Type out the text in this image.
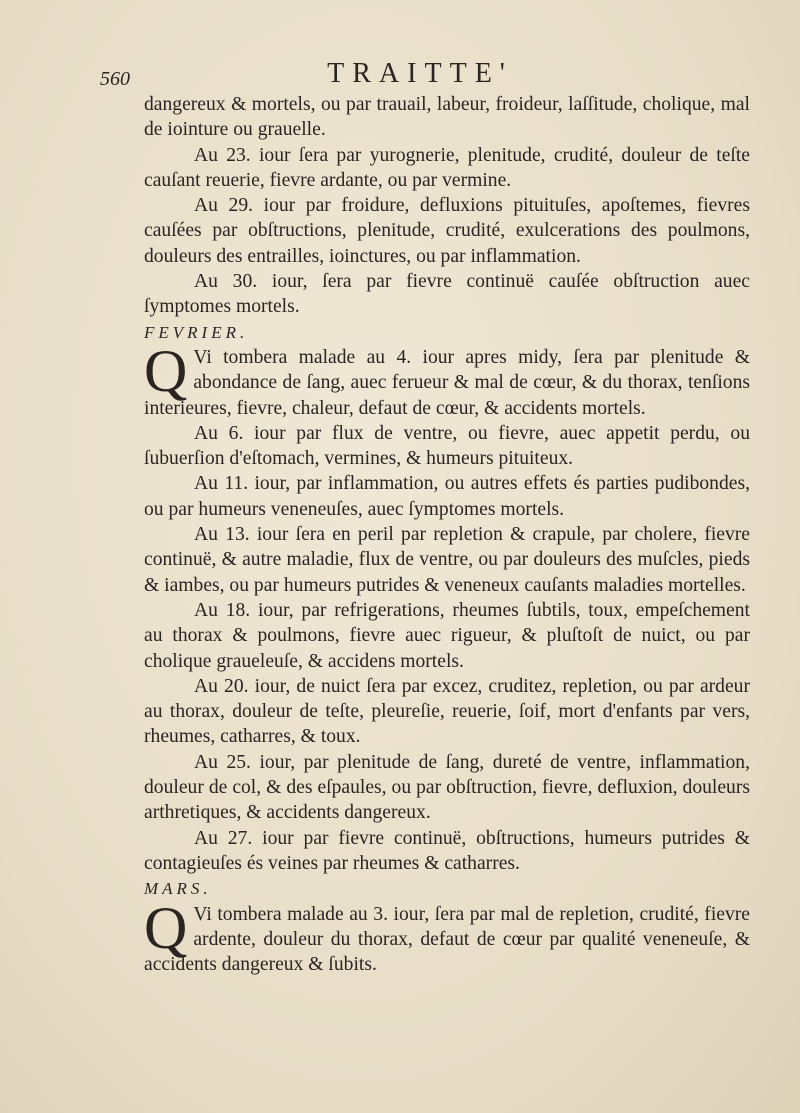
560	TRAITTE'

dangereux & mortels, ou par trauail, labeur, froideur, laſſitude, cholique, mal de iointure ou grauelle.

Au 23. iour ſera par yurognerie, plenitude, crudité, douleur de teſte cauſant reuerie, fievre ardante, ou par vermine.

Au 29. iour par froidure, defluxions pituituſes, apoſtemes, fievres cauſées par obſtructions, plenitude, crudité, exulcerations des poulmons, douleurs des entrailles, ioinctures, ou par inflammation.

Au 30. iour, ſera par fievre continuë cauſée obſtruction auec ſymptomes mortels.

FEVRIER.

Q Vi tombera malade au 4. iour apres midy, ſera par plenitude & abondance de ſang, auec ferueur & mal de cœur, & du thorax, tenſions interieures, fievre, chaleur, defaut de cœur, & accidents mortels.

Au 6. iour par flux de ventre, ou fievre, auec appetit perdu, ou ſubuerſion d'eſtomach, vermines, & humeurs pituiteux.

Au 11. iour, par inflammation, ou autres effets és parties pudibondes, ou par humeurs veneneuſes, auec ſymptomes mortels.

Au 13. iour ſera en peril par repletion & crapule, par cholere, fievre continuë, & autre maladie, flux de ventre, ou par douleurs des muſcles, pieds & iambes, ou par humeurs putrides & veneneux cauſants maladies mortelles.

Au 18. iour, par refrigerations, rheumes ſubtils, toux, empeſchement au thorax & poulmons, fievre auec rigueur, & pluſtoſt de nuict, ou par cholique graueleuſe, & accidens mortels.

Au 20. iour, de nuict ſera par excez, cruditez, repletion, ou par ardeur au thorax, douleur de teſte, pleureſie, reuerie, ſoif, mort d'enfants par vers, rheumes, catharres, & toux.

Au 25. iour, par plenitude de ſang, dureté de ventre, inflammation, douleur de col, & des eſpaules, ou par obſtruction, fievre, defluxion, douleurs arthretiques, & accidents dangereux.

Au 27. iour par fievre continuë, obſtructions, humeurs putrides & contagieuſes és veines par rheumes & catharres.

MARS.

Q Vi tombera malade au 3. iour, ſera par mal de repletion, crudité, fievre ardente, douleur du thorax, defaut de cœur par qualité veneneuſe, & accidents dangereux & ſubits.
